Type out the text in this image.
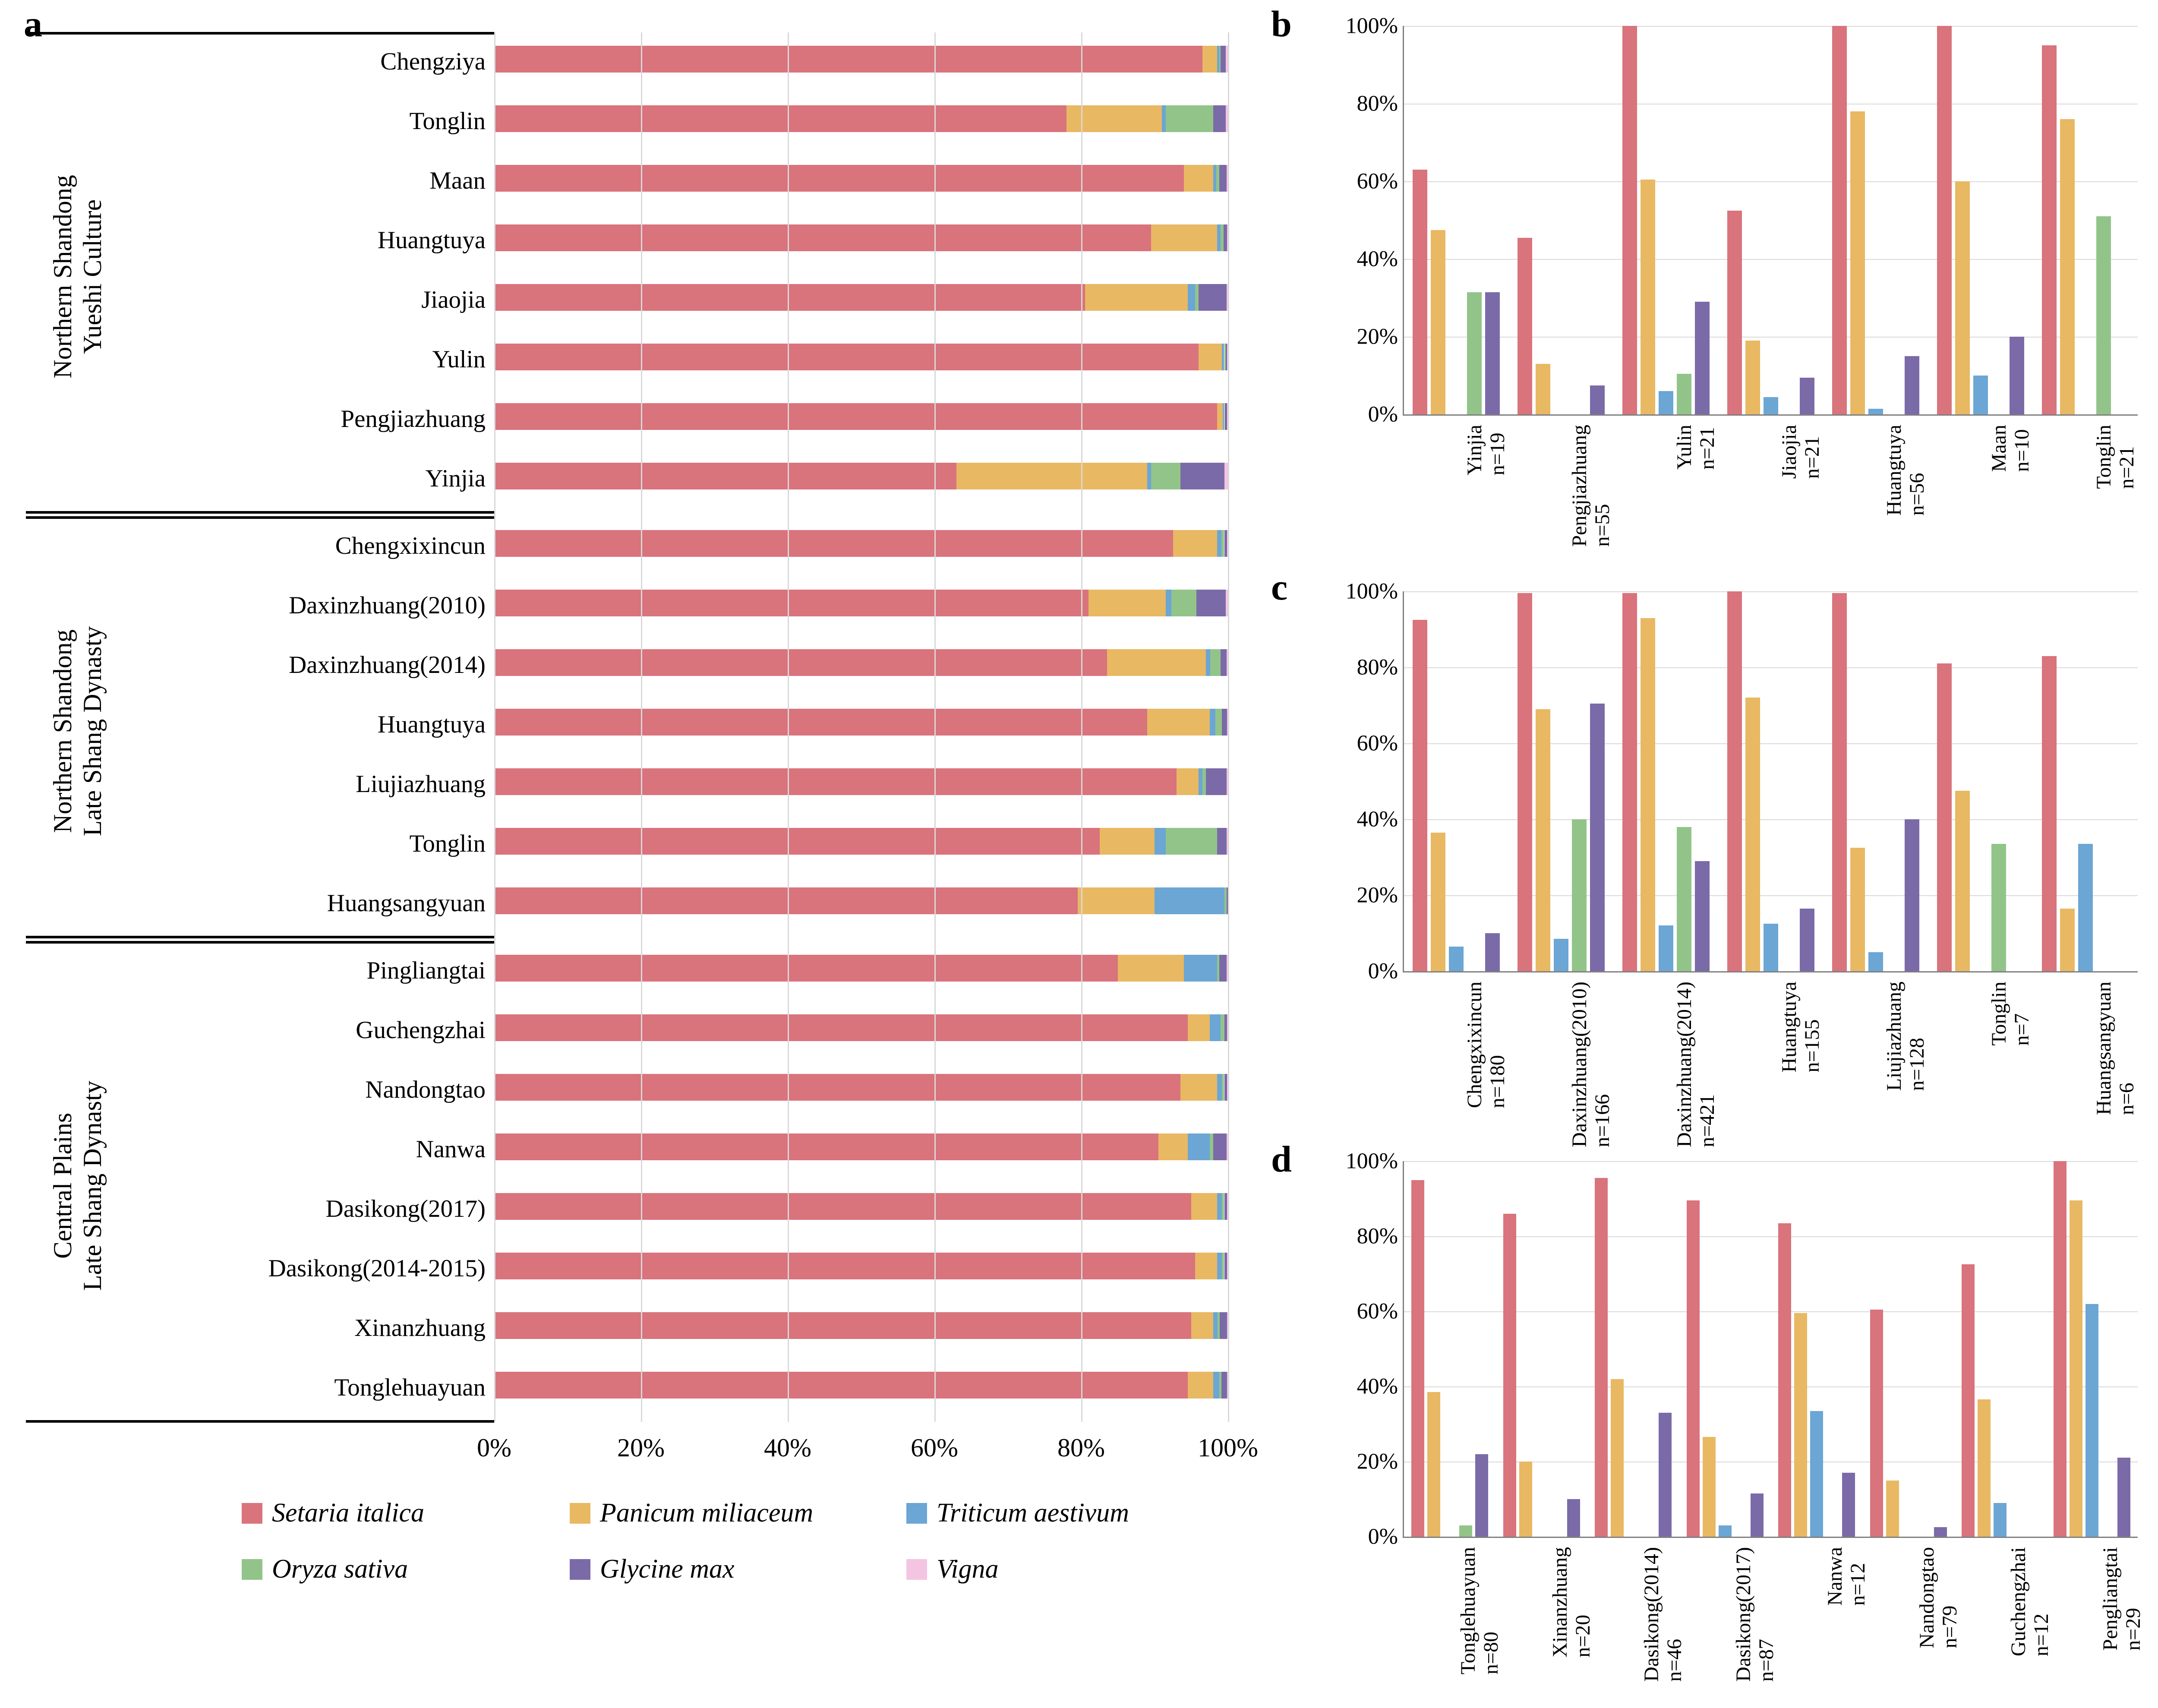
a
Chengziya
Tonglin
Maan
Huangtuya
Jiaojia
Yulin
Pengjiazhuang
Yinjia
Chengxixincun
Daxinzhuang(2010)
Daxinzhuang(2014)
Huangtuya
Liujiazhuang
Tonglin
Huangsangyuan
Pingliangtai
Guchengzhai
Nandongtao
Nanwa
Dasikong(2017)
Dasikong(2014-2015)
Xinanzhuang
Tonglehuayuan
0%	20%	40%	60%	80%	100%
Northern Shandong Yueshi Culture
Northern Shandong Late Shang Dynasty
Central Plains Late Shang Dynasty
b
c
d
Setaria italica	Panicum miliaceum	Triticum aestivum
Oryza sativa	Glycine max	Vigna
0%
20%
40%
60%
80%
100%
Yinjia n=19	Pengjiazhuang n=55
Yulin n=21	Jiaojia n=21	Huangtuya n=56
Maan n=10	Tonglin n=21
0%
20%
40%
60%
80%
100%
Chengxixincun n=180	Daxinzhuang(2010) n=166	Daxinzhuang(2014) n=421
Huangtuya n=155	Liujiazhuang n=128
Tonglin n=7	Huangsangyuan n=6
0%
20%
40%
60%
80%
100%
Tonglehuayuan n=80 Xinanzhuang n=20 Dasikong(2014) n=46 Dasikong(2017) n=87
Nanwa n=12 Nandongtao n=79 Guchengzhai n=12 Pengliangtai n=29
